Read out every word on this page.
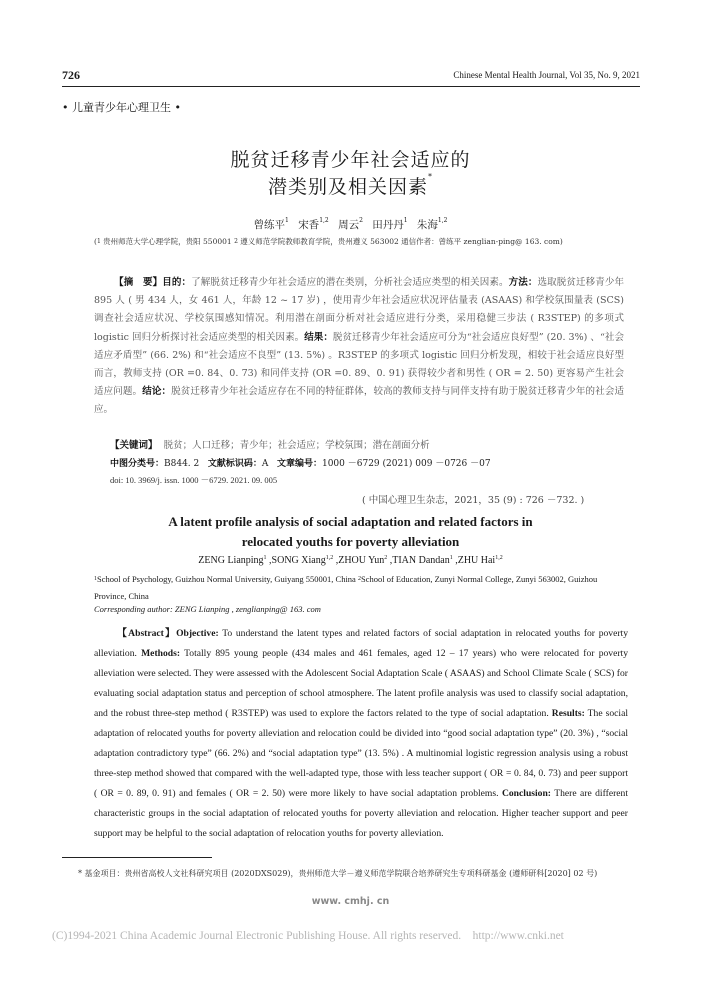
726	Chinese Mental Health Journal, Vol 35, No. 9, 2021
• 儿童青少年心理卫生 •
脱贫迁移青少年社会适应的
潜类别及相关因素*
曾练平$^1$ 宋香$^{1,2}$ 周云$^2$ 田丹丹$^1$ 朱海$^{1,2}$
($^1$ 贵州师范大学心理学院，贵阳 550001 $^2$ 遵义师范学院教师教育学院，贵州遵义 563002 通信作者：曾练平 zenglian-ping@ 163. com)
【摘　要】目的：了解脱贫迁移青少年社会适应的潜在类别，分析社会适应类型的相关因素。方法：选取脱贫迁移青少年 895 人 ( 男 434 人，女 461 人，年龄 12 ~ 17 岁) ，使用青少年社会适应状况评估量表 (ASAAS) 和学校氛围量表 (SCS) 调查社会适应状况、学校氛围感知情况。利用潜在剖面分析对社会适应进行分类，采用稳健三步法 ( R3STEP) 的多项式 logistic 回归分析探讨社会适应类型的相关因素。结果：脱贫迁移青少年社会适应可分为“社会适应良好型” (20. 3%) 、“社会适应矛盾型” (66. 2%) 和“社会适应不良型” (13. 5%) 。R3STEP 的多项式 logistic 回归分析发现，相较于社会适应良好型而言，教师支持 (OR =0. 84、0. 73) 和同伴支持 (OR =0. 89、0. 91) 获得较少者和男性 ( OR = 2. 50) 更容易产生社会适应问题。结论：脱贫迁移青少年社会适应存在不同的特征群体，较高的教师支持与同伴支持有助于脱贫迁移青少年的社会适应。
【关键词】 脱贫；人口迁移；青少年；社会适应；学校氛围；潜在剖面分析
中图分类号：B844. 2 文献标识码：A 文章编号：1000 －6729 (2021) 009 －0726 －07
doi: 10. 3969/j. issn. 1000 －6729. 2021. 09. 005
( 中国心理卫生杂志，2021，35 (9) : 726 －732. )
A latent profile analysis of social adaptation and related factors in
relocated youths for poverty alleviation
ZENG Lianping$^1$ ,SONG Xiang$^{1,2}$ ,ZHOU Yun$^2$ ,TIAN Dandan$^1$ ,ZHU Hai$^{1,2}$
$^1$School of Psychology, Guizhou Normal University, Guiyang 550001, China $^2$School of Education, Zunyi Normal College, Zunyi 563002, Guizhou Province, China
Corresponding author: ZENG Lianping , zenglianping@ 163. com
【Abstract】Objective: To understand the latent types and related factors of social adaptation in relocated youths for poverty alleviation. Methods: Totally 895 young people (434 males and 461 females, aged 12 – 17 years) who were relocated for poverty alleviation were selected. They were assessed with the Adolescent Social Adaptation Scale ( ASAAS) and School Climate Scale ( SCS) for evaluating social adaptation status and perception of school atmosphere. The latent profile analysis was used to classify social adaptation, and the robust three-step method ( R3STEP) was used to explore the factors related to the type of social adaptation. Results: The social adaptation of relocated youths for poverty alleviation and relocation could be divided into “good social adaptation type” (20. 3%) , “social adaptation contradictory type” (66. 2%) and “social adaptation type” (13. 5%) . A multinomial logistic regression analysis using a robust three-step method showed that compared with the well-adapted type, those with less teacher support ( OR = 0. 84, 0. 73) and peer support ( OR = 0. 89, 0. 91) and females ( OR = 2. 50) were more likely to have social adaptation problems. Conclusion: There are different characteristic groups in the social adaptation of relocated youths for poverty alleviation and relocation. Higher teacher support and peer support may be helpful to the social adaptation of relocation youths for poverty alleviation.
* 基金项目：贵州省高校人文社科研究项目 (2020DXS029)，贵州师范大学－遵义师范学院联合培养研究生专项科研基金 (遵师研科[2020] 02 号)
www. cmhj. cn
(C)1994-2021 China Academic Journal Electronic Publishing House. All rights reserved.    http://www.cnki.net
